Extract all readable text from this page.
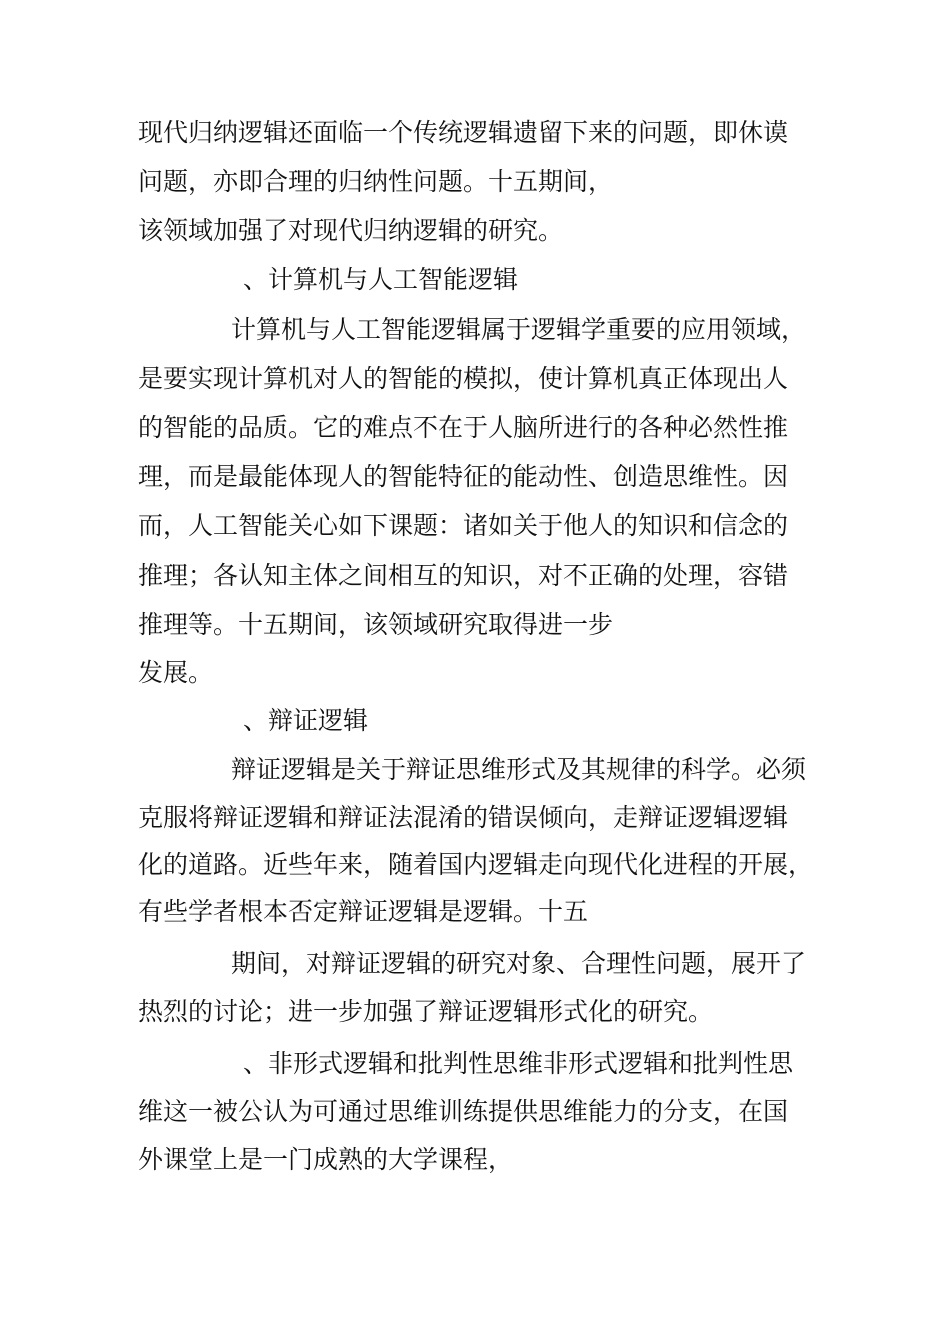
现代归纳逻辑还面临一个传统逻辑遗留下来的问题，即休谟
问题，亦即合理的归纳性问题。十五期间，
该领域加强了对现代归纳逻辑的研究。
、计算机与人工智能逻辑
计算机与人工智能逻辑属于逻辑学重要的应用领域，
是要实现计算机对人的智能的模拟，使计算机真正体现出人
的智能的品质。它的难点不在于人脑所进行的各种必然性推
理，而是最能体现人的智能特征的能动性、创造思维性。因
而，人工智能关心如下课题：诸如关于他人的知识和信念的
推理；各认知主体之间相互的知识，对不正确的处理，容错
推理等。十五期间，该领域研究取得进一步
发展。
、辩证逻辑
辩证逻辑是关于辩证思维形式及其规律的科学。必须
克服将辩证逻辑和辩证法混淆的错误倾向，走辩证逻辑逻辑
化的道路。近些年来，随着国内逻辑走向现代化进程的开展，
有些学者根本否定辩证逻辑是逻辑。十五
期间，对辩证逻辑的研究对象、合理性问题，展开了
热烈的讨论；进一步加强了辩证逻辑形式化的研究。
、非形式逻辑和批判性思维非形式逻辑和批判性思
维这一被公认为可通过思维训练提供思维能力的分支，在国
外课堂上是一门成熟的大学课程，
